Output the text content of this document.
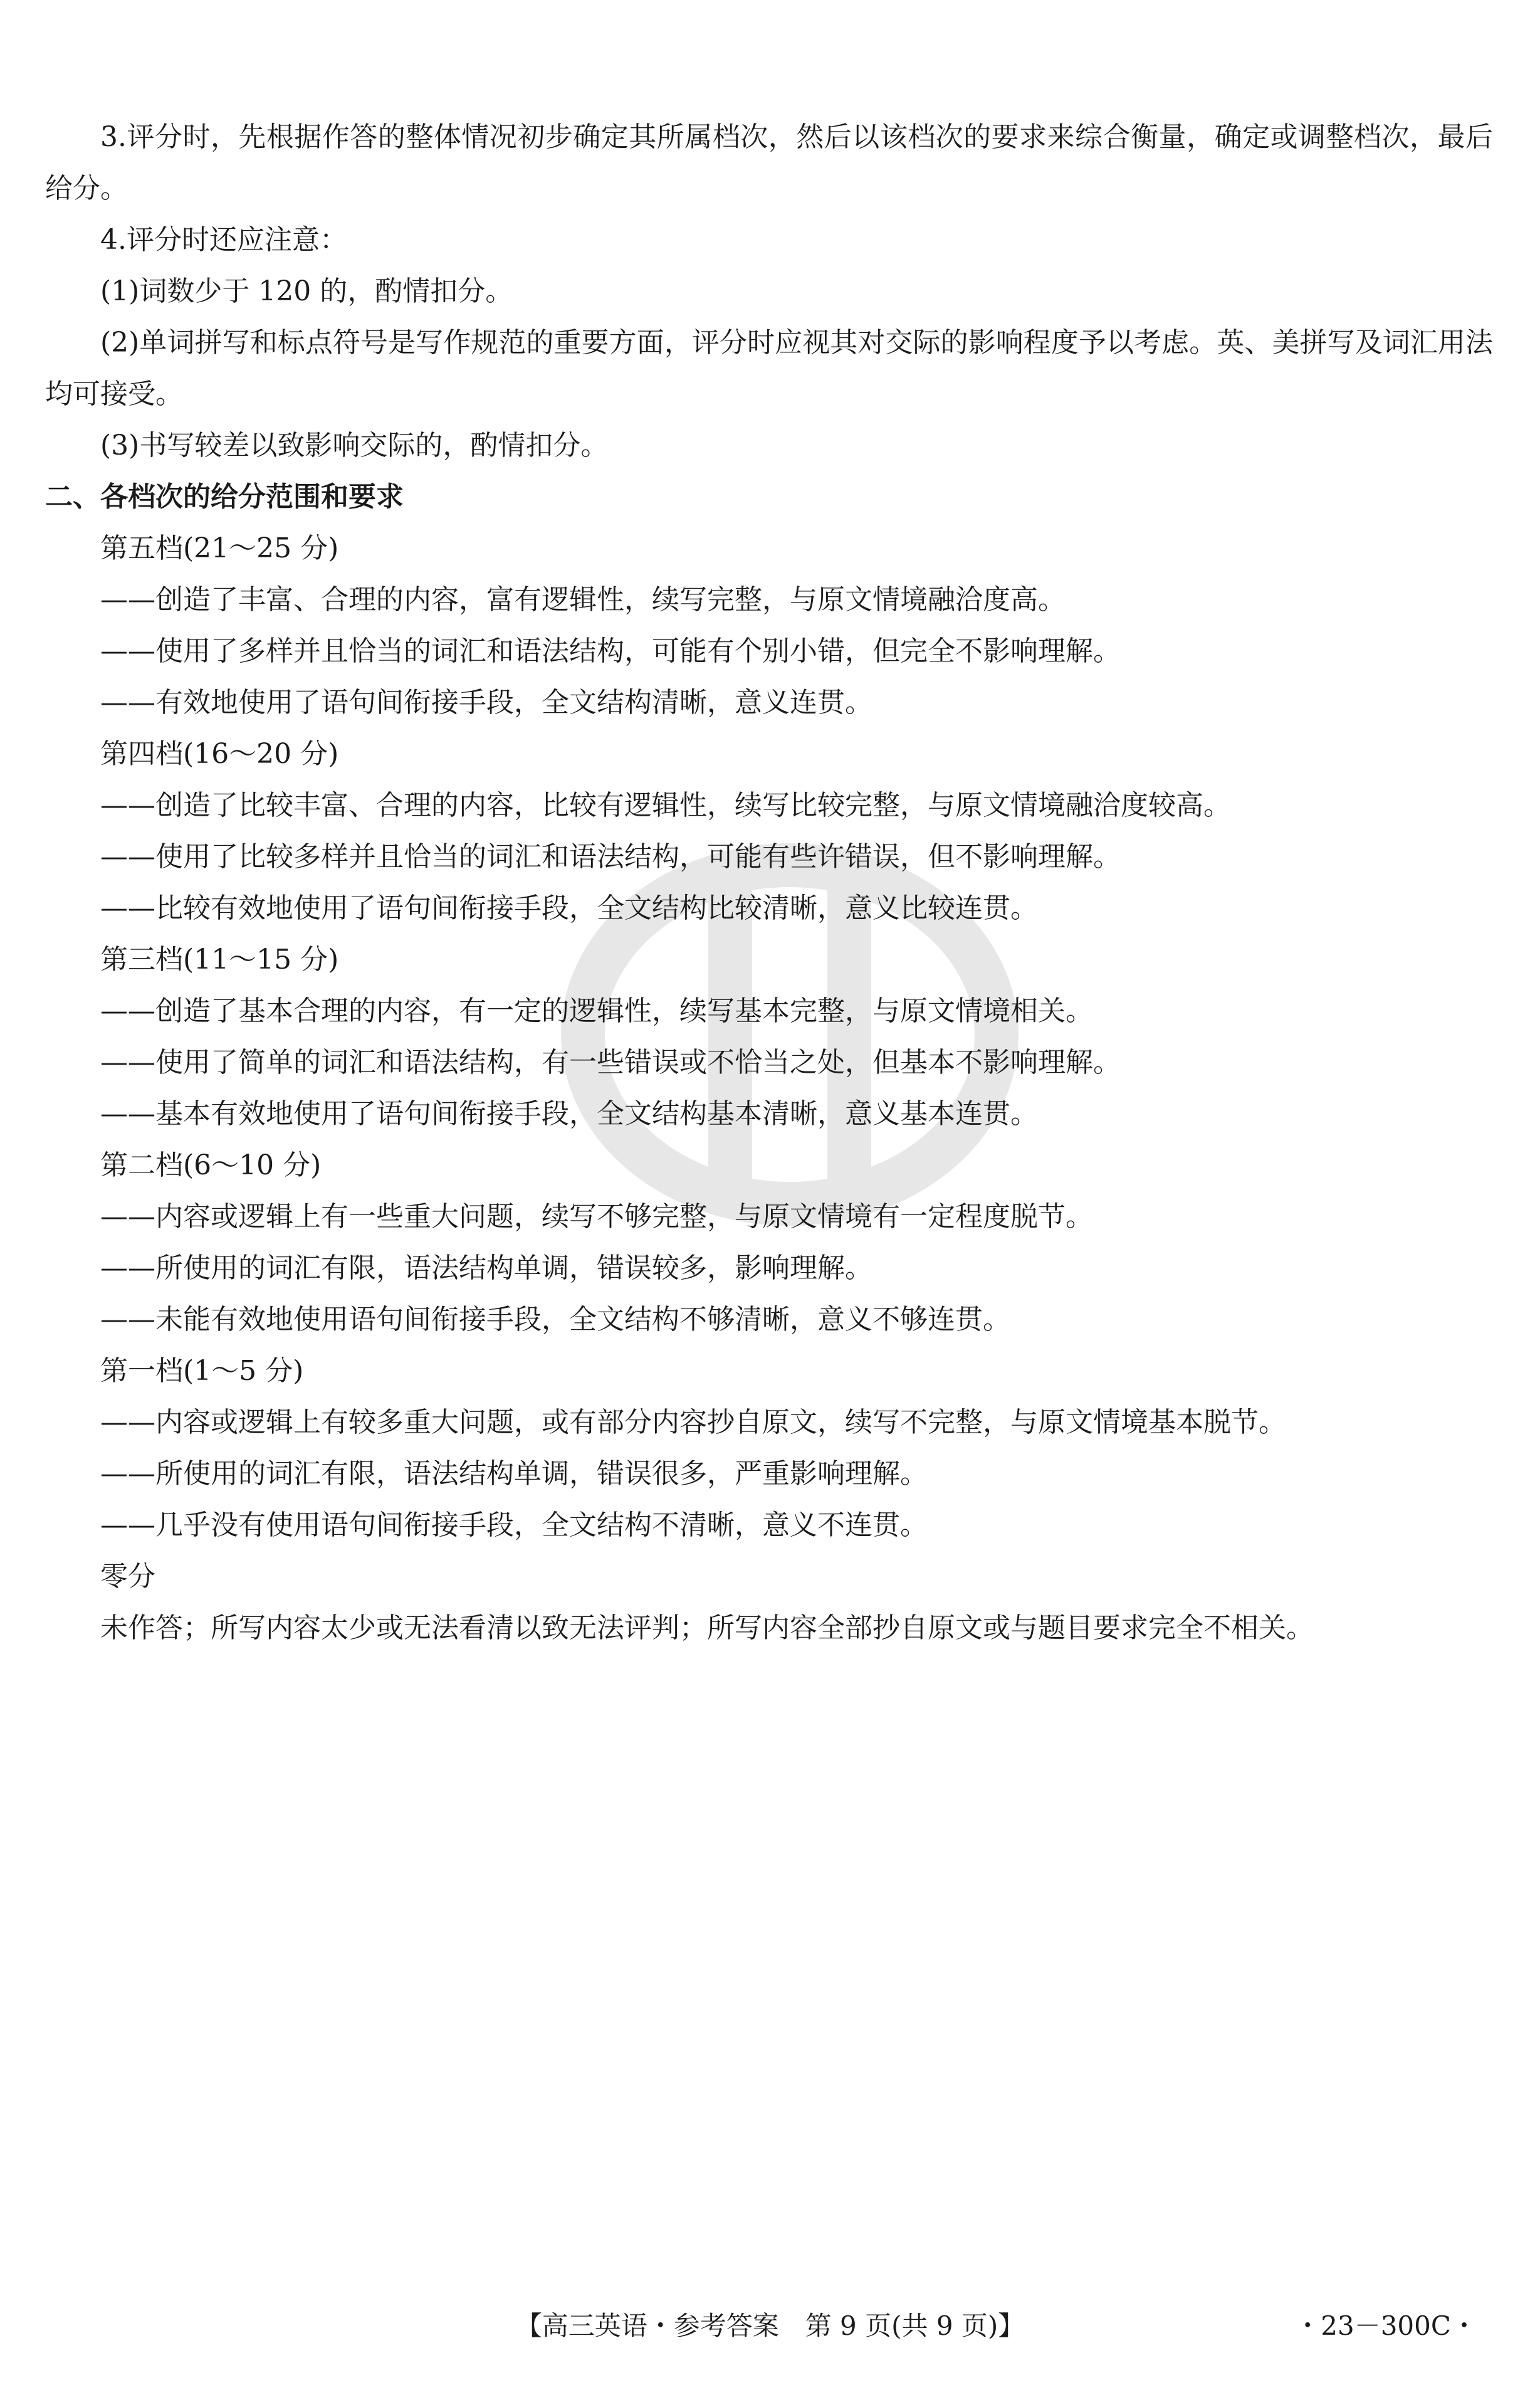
3.评分时，先根据作答的整体情况初步确定其所属档次，然后以该档次的要求来综合衡量，确定或调整档次，最后给分。

4.评分时还应注意：

(1)词数少于 120 的，酌情扣分。

(2)单词拼写和标点符号是写作规范的重要方面，评分时应视其对交际的影响程度予以考虑。英、美拼写及词汇用法均可接受。

(3)书写较差以致影响交际的，酌情扣分。

二、各档次的给分范围和要求

第五档(21～25 分)

——创造了丰富、合理的内容，富有逻辑性，续写完整，与原文情境融洽度高。

——使用了多样并且恰当的词汇和语法结构，可能有个别小错，但完全不影响理解。

——有效地使用了语句间衔接手段，全文结构清晰，意义连贯。

第四档(16～20 分)

——创造了比较丰富、合理的内容，比较有逻辑性，续写比较完整，与原文情境融洽度较高。

——使用了比较多样并且恰当的词汇和语法结构，可能有些许错误，但不影响理解。

——比较有效地使用了语句间衔接手段，全文结构比较清晰，意义比较连贯。

第三档(11～15 分)

——创造了基本合理的内容，有一定的逻辑性，续写基本完整，与原文情境相关。

——使用了简单的词汇和语法结构，有一些错误或不恰当之处，但基本不影响理解。

——基本有效地使用了语句间衔接手段，全文结构基本清晰，意义基本连贯。

第二档(6～10 分)

——内容或逻辑上有一些重大问题，续写不够完整，与原文情境有一定程度脱节。

——所使用的词汇有限，语法结构单调，错误较多，影响理解。

——未能有效地使用语句间衔接手段，全文结构不够清晰，意义不够连贯。

第一档(1～5 分)

——内容或逻辑上有较多重大问题，或有部分内容抄自原文，续写不完整，与原文情境基本脱节。

——所使用的词汇有限，语法结构单调，错误很多，严重影响理解。

——几乎没有使用语句间衔接手段，全文结构不清晰，意义不连贯。

零分

未作答；所写内容太少或无法看清以致无法评判；所写内容全部抄自原文或与题目要求完全不相关。

【高三英语・参考答案　第 9 页(共 9 页)】	・23－300C・
